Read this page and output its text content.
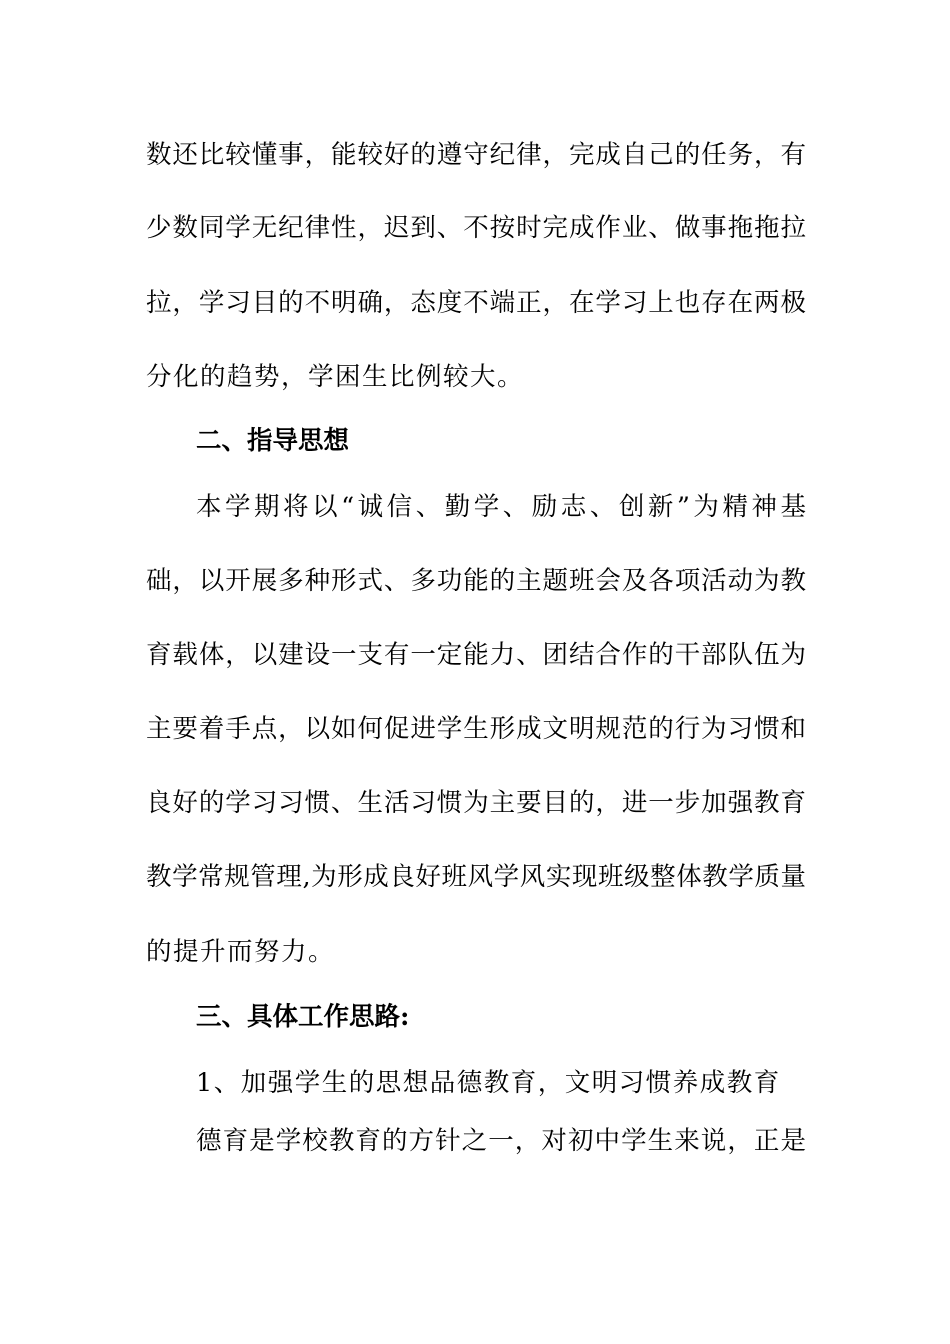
数还比较懂事，能较好的遵守纪律，完成自己的任务，有
少数同学无纪律性，迟到、不按时完成作业、做事拖拖拉
拉，学习目的不明确，态度不端正，在学习上也存在两极
分化的趋势，学困生比例较大。
二、指导思想
本学期将以“诚信、勤学、励志、创新”为精神基
础，以开展多种形式、多功能的主题班会及各项活动为教
育载体，以建设一支有一定能力、团结合作的干部队伍为
主要着手点，以如何促进学生形成文明规范的行为习惯和
良好的学习习惯、生活习惯为主要目的，进一步加强教育
教学常规管理,为形成良好班风学风实现班级整体教学质量
的提升而努力。
三、具体工作思路:
1、加强学生的思想品德教育，文明习惯养成教育
德育是学校教育的方针之一，对初中学生来说，正是
